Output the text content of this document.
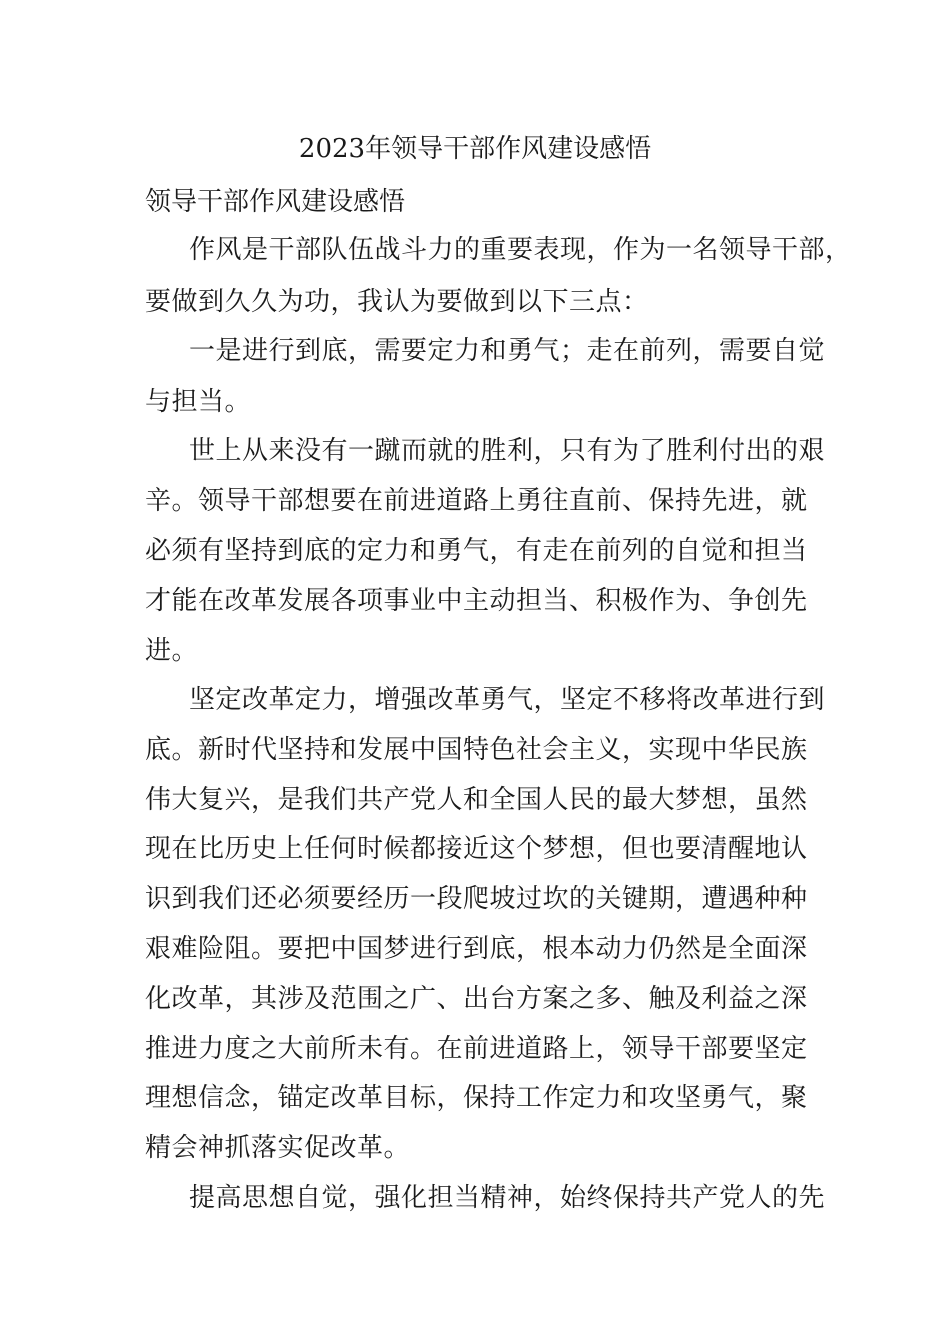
2023年领导干部作风建设感悟
领导干部作风建设感悟
作风是干部队伍战斗力的重要表现，作为一名领导干部，
要做到久久为功，我认为要做到以下三点：
一是进行到底，需要定力和勇气；走在前列，需要自觉
与担当。
世上从来没有一蹴而就的胜利，只有为了胜利付出的艰
辛。领导干部想要在前进道路上勇往直前、保持先进，就
必须有坚持到底的定力和勇气，有走在前列的自觉和担当
才能在改革发展各项事业中主动担当、积极作为、争创先
进。
坚定改革定力，增强改革勇气，坚定不移将改革进行到
底。新时代坚持和发展中国特色社会主义，实现中华民族
伟大复兴，是我们共产党人和全国人民的最大梦想，虽然
现在比历史上任何时候都接近这个梦想，但也要清醒地认
识到我们还必须要经历一段爬坡过坎的关键期，遭遇种种
艰难险阻。要把中国梦进行到底，根本动力仍然是全面深
化改革，其涉及范围之广、出台方案之多、触及利益之深
推进力度之大前所未有。在前进道路上，领导干部要坚定
理想信念，锚定改革目标，保持工作定力和攻坚勇气，聚
精会神抓落实促改革。
提高思想自觉，强化担当精神，始终保持共产党人的先
